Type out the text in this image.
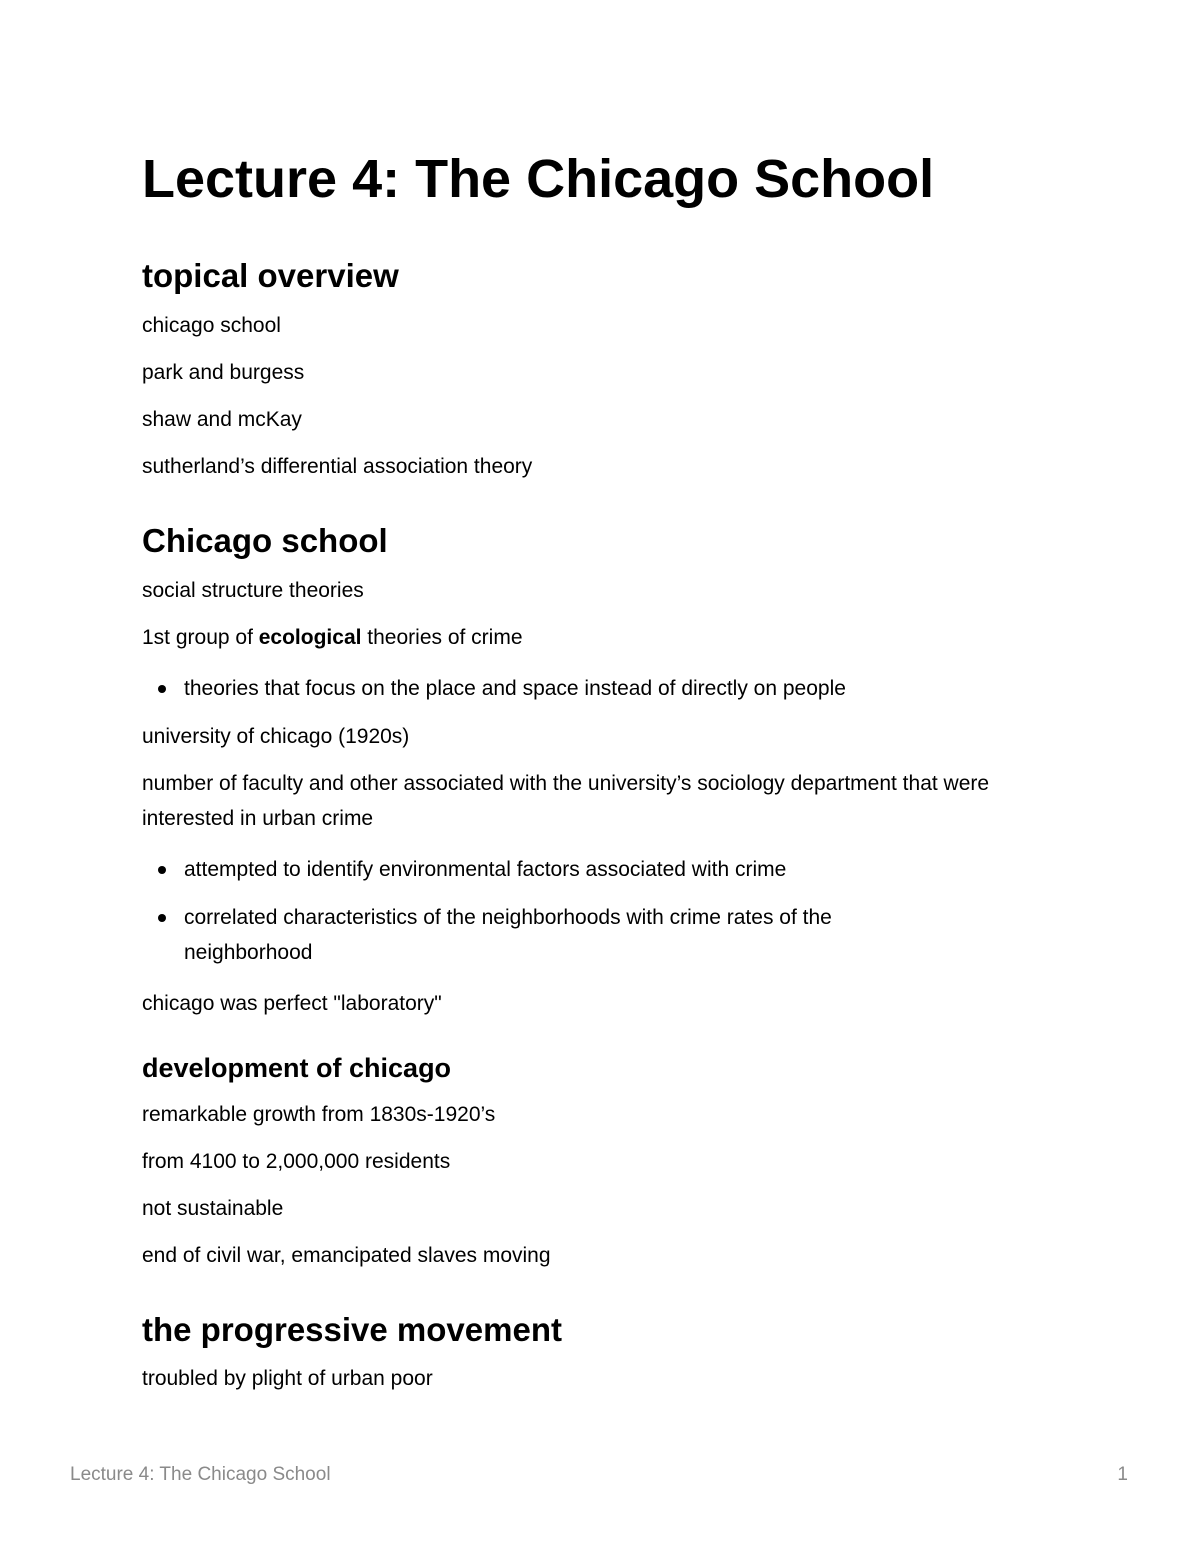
Lecture 4: The Chicago School
topical overview

chicago school

park and burgess

shaw and mcKay

sutherland’s differential association theory

Chicago school

social structure theories

1st group of ecological theories of crime

theories that focus on the place and space instead of directly on people

university of chicago (1920s)

number of faculty and other associated with the university’s sociology department that were interested in urban crime

attempted to identify environmental factors associated with crime
correlated characteristics of the neighborhoods with crime rates of the neighborhood

chicago was perfect "laboratory"

development of chicago

remarkable growth from 1830s-1920’s

from 4100 to 2,000,000 residents

not sustainable

end of civil war, emancipated slaves moving

the progressive movement

troubled by plight of urban poor

Lecture 4: The Chicago School	1
